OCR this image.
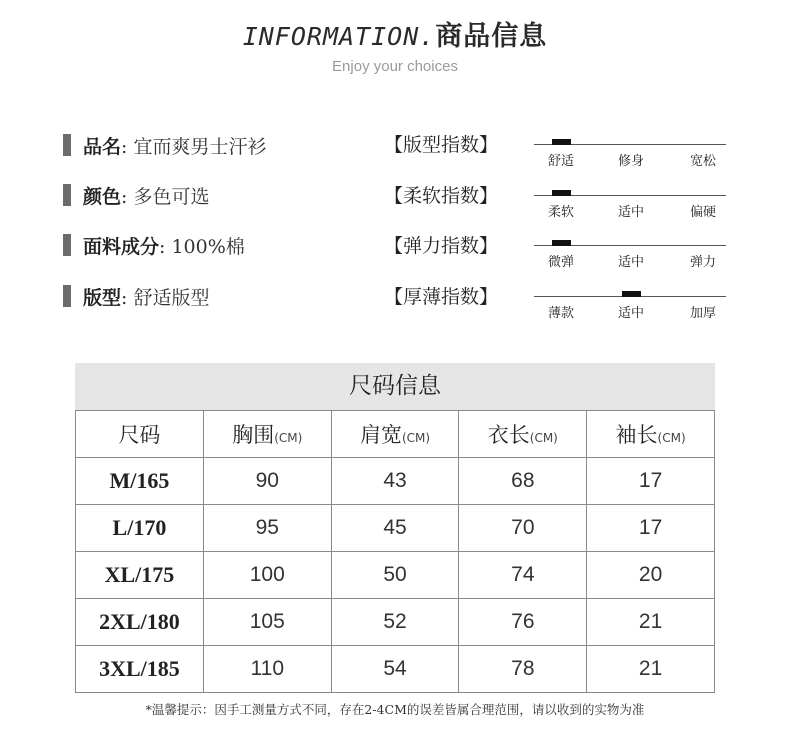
INFORMATION.商品信息
Enjoy your choices
品名 : 宜而爽男士汗衫
颜色 : 多色可选
面料成分 : 100%棉
版型 : 舒适版型
【版型指数】
【柔软指数】
【弹力指数】
【厚薄指数】
舒适	修身	宽松
柔软	适中	偏硬
微弹	适中	弹力
薄款	适中	加厚
尺码信息
尺码	胸围(CM)	肩宽(CM)	衣长(CM)	袖长(CM)
M/165	90	43	68	17
L/170	95	45	70	17
XL/175	100	50	74	20
2XL/180	105	52	76	21
3XL/185	110	54	78	21
*温馨提示：因手工测量方式不同，存在2-4CM的误差皆属合理范围，请以收到的实物为准
